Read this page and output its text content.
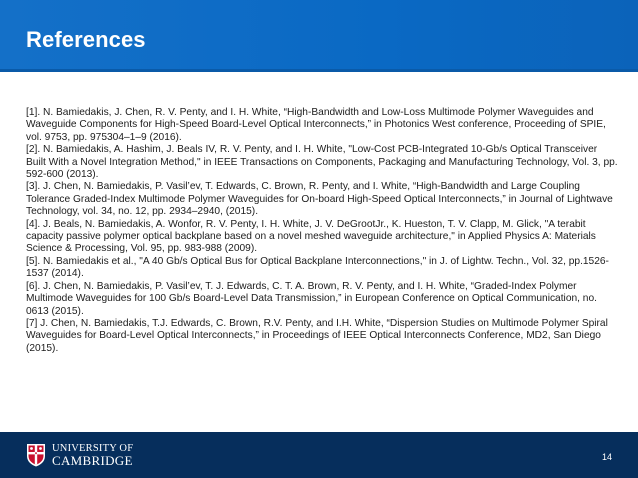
References
[1]. N. Bamiedakis, J. Chen, R. V. Penty, and I. H. White, “High-Bandwidth and Low-Loss Multimode Polymer Waveguides and Waveguide Components for High-Speed Board-Level Optical Interconnects,” in Photonics West conference, Proceeding of SPIE, vol. 9753, pp. 975304–1–9 (2016).
[2]. N. Bamiedakis, A. Hashim, J. Beals IV, R. V. Penty, and I. H. White, "Low-Cost PCB-Integrated 10-Gb/s Optical Transceiver Built With a Novel Integration Method," in IEEE Transactions on Components, Packaging and Manufacturing Technology, Vol. 3, pp. 592-600 (2013).
[3]. J. Chen, N. Bamiedakis, P. Vasil’ev, T. Edwards, C. Brown, R. Penty, and I. White, “High-Bandwidth and Large Coupling Tolerance Graded-Index Multimode Polymer Waveguides for On-board High-Speed Optical Interconnects,” in Journal of Lightwave Technology, vol. 34, no. 12, pp. 2934–2940, (2015).
[4]. J. Beals, N. Bamiedakis, A. Wonfor, R. V. Penty, I. H. White, J. V. DeGrootJr., K. Hueston, T. V. Clapp, M. Glick, "A terabit capacity passive polymer optical backplane based on a novel meshed waveguide architecture," in Applied Physics A: Materials Science & Processing, Vol. 95, pp. 983-988 (2009).
[5]. N. Bamiedakis et al., "A 40 Gb/s Optical Bus for Optical Backplane Interconnections," in J. of Lightw. Techn., Vol. 32, pp.1526-1537 (2014).
[6]. J. Chen, N. Bamiedakis, P. Vasil’ev, T. J. Edwards, C. T. A. Brown, R. V. Penty, and I. H. White, “Graded-Index Polymer Multimode Waveguides for 100 Gb/s Board-Level Data Transmission,” in European Conference on Optical Communication, no. 0613 (2015).
[7] J. Chen, N. Bamiedakis, T.J. Edwards, C. Brown, R.V. Penty, and I.H. White, “Dispersion Studies on Multimode Polymer Spiral Waveguides for Board-Level Optical Interconnects,” in Proceedings of IEEE Optical Interconnects Conference, MD2, San Diego (2015).
UNIVERSITY OF
CAMBRIDGE	14
